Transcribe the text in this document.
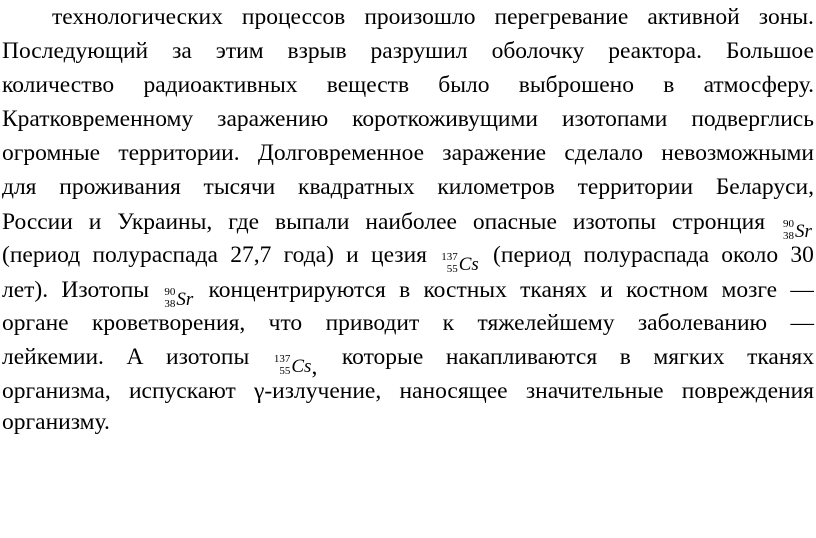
технологических процессов произошло перегревание активной зоны.
Последующий за этим взрыв разрушил оболочку реактора. Большое
количество радиоактивных веществ было выброшено в атмосферу.
Кратковременному заражению короткоживущими изотопами подверглись
огромные территории. Долговременное заражение сделало невозможными
для проживания тысячи квадратных километров территории Беларуси,
России и Украины, где выпали наиболее опасные изотопы стронция 90
38 Sr
(период полураспада 27,7 года) и цезия 137
55 Cs (период полураспада около 30
лет). Изотопы 90
38 Sr концентрируются в костных тканях и костном мозге —
органе кроветворения, что приводит к тяжелейшему заболеванию —
лейкемии. А изотопы 137
55 Cs , которые накапливаются в мягких тканях
организма, испускают γ-излучение, наносящее значительные повреждения
организму.
